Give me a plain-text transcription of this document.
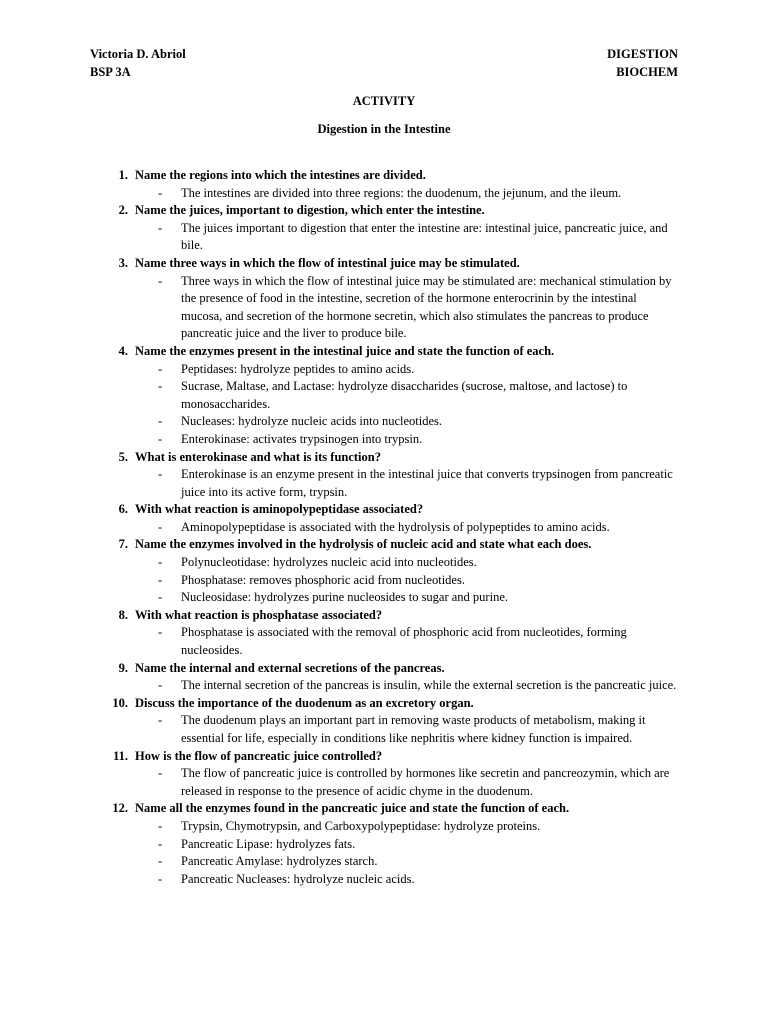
Victoria D. Abriol
BSP 3A
DIGESTION
BIOCHEM
ACTIVITY
Digestion in the Intestine
1. Name the regions into which the intestines are divided.
- The intestines are divided into three regions: the duodenum, the jejunum, and the ileum.
2. Name the juices, important to digestion, which enter the intestine.
- The juices important to digestion that enter the intestine are: intestinal juice, pancreatic juice, and bile.
3. Name three ways in which the flow of intestinal juice may be stimulated.
- Three ways in which the flow of intestinal juice may be stimulated are: mechanical stimulation by the presence of food in the intestine, secretion of the hormone enterocrinin by the intestinal mucosa, and secretion of the hormone secretin, which also stimulates the pancreas to produce pancreatic juice and the liver to produce bile.
4. Name the enzymes present in the intestinal juice and state the function of each.
- Peptidases: hydrolyze peptides to amino acids.
- Sucrase, Maltase, and Lactase: hydrolyze disaccharides (sucrose, maltose, and lactose) to monosaccharides.
- Nucleases: hydrolyze nucleic acids into nucleotides.
- Enterokinase: activates trypsinogen into trypsin.
5. What is enterokinase and what is its function?
- Enterokinase is an enzyme present in the intestinal juice that converts trypsinogen from pancreatic juice into its active form, trypsin.
6. With what reaction is aminopolypeptidase associated?
- Aminopolypeptidase is associated with the hydrolysis of polypeptides to amino acids.
7. Name the enzymes involved in the hydrolysis of nucleic acid and state what each does.
- Polynucleotidase: hydrolyzes nucleic acid into nucleotides.
- Phosphatase: removes phosphoric acid from nucleotides.
- Nucleosidase: hydrolyzes purine nucleosides to sugar and purine.
8. With what reaction is phosphatase associated?
- Phosphatase is associated with the removal of phosphoric acid from nucleotides, forming nucleosides.
9. Name the internal and external secretions of the pancreas.
- The internal secretion of the pancreas is insulin, while the external secretion is the pancreatic juice.
10. Discuss the importance of the duodenum as an excretory organ.
- The duodenum plays an important part in removing waste products of metabolism, making it essential for life, especially in conditions like nephritis where kidney function is impaired.
11. How is the flow of pancreatic juice controlled?
- The flow of pancreatic juice is controlled by hormones like secretin and pancreozymin, which are released in response to the presence of acidic chyme in the duodenum.
12. Name all the enzymes found in the pancreatic juice and state the function of each.
- Trypsin, Chymotrypsin, and Carboxypolypeptidase: hydrolyze proteins.
- Pancreatic Lipase: hydrolyzes fats.
- Pancreatic Amylase: hydrolyzes starch.
- Pancreatic Nucleases: hydrolyze nucleic acids.
